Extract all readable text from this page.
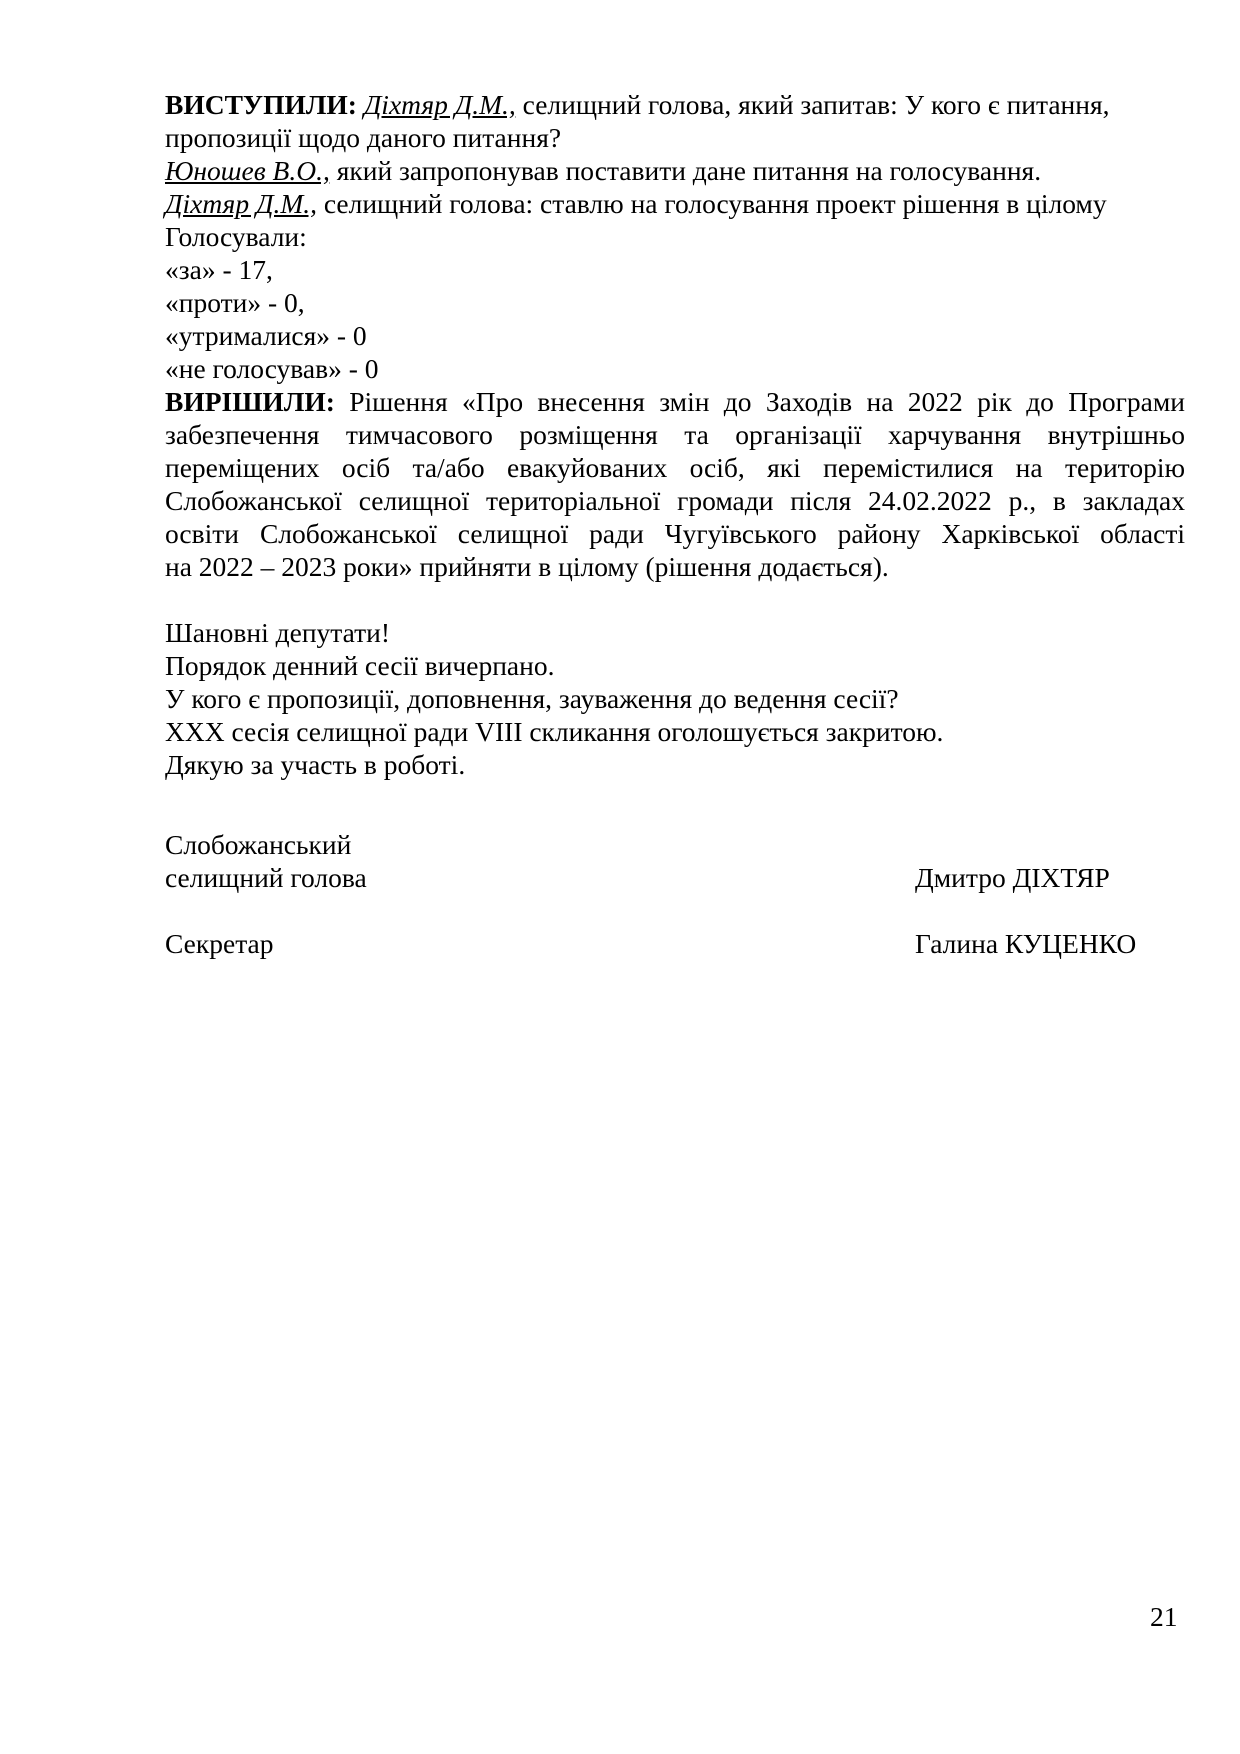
ВИСТУПИЛИ: Діхтяр Д.М., селищний голова, який запитав: У кого є питання,
пропозиції щодо даного питання?
Юношев В.О., який запропонував поставити дане питання на голосування.
Діхтяр Д.М., селищний голова: ставлю на голосування проект рішення в цілому
Голосували:
«за» - 17,
«проти» - 0,
«утрималися» - 0
«не голосував» - 0
ВИРІШИЛИ: Рішення «Про внесення змін до Заходів на 2022 рік до Програми
забезпечення тимчасового розміщення та організації харчування внутрішньо
переміщених осіб та/або евакуйованих осіб, які перемістилися на територію
Слобожанської селищної територіальної громади після 24.02.2022 р., в закладах
освіти Слобожанської селищної ради Чугуївського району Харківської області
на 2022 – 2023 роки» прийняти в цілому (рішення додається).
Шановні депутати!
Порядок денний сесії вичерпано.
У кого є пропозиції, доповнення, зауваження до ведення сесії?
XXX сесія селищної ради VIII скликання оголошується закритою.
Дякую за участь в роботі.
Слобожанський
селищний голова	Дмитро ДІХТЯР
Секретар	Галина КУЦЕНКО
21
